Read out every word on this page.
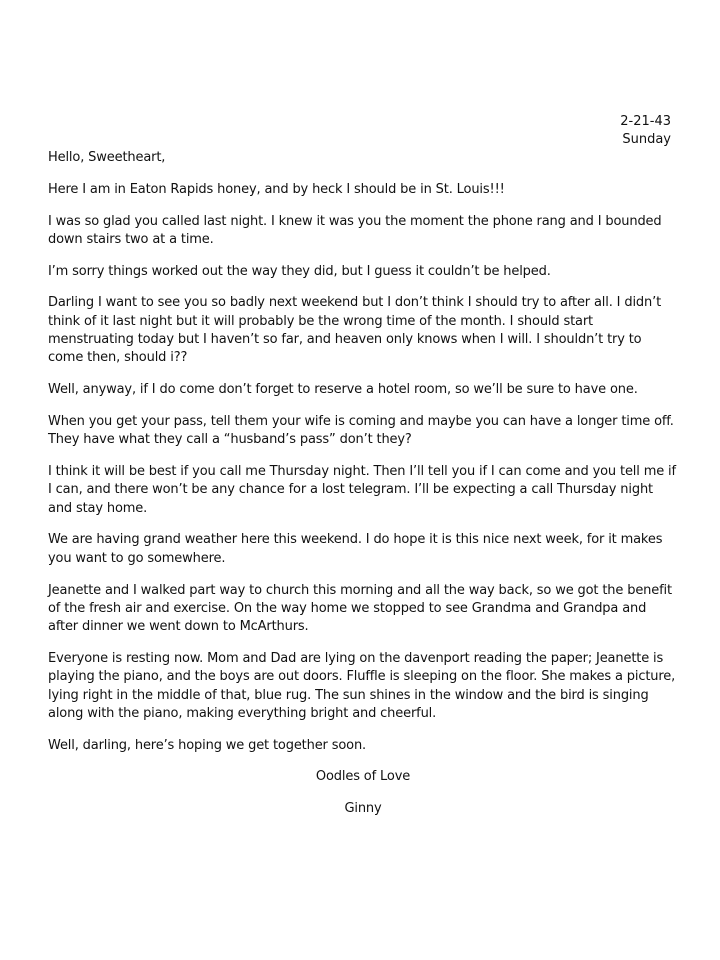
2-21-43
Sunday

Hello, Sweetheart,

Here I am in Eaton Rapids honey, and by heck I should be in St. Louis!!!

I was so glad you called last night. I knew it was you the moment the phone rang and I bounded down stairs two at a time.

I’m sorry things worked out the way they did, but I guess it couldn’t be helped.

Darling I want to see you so badly next weekend but I don’t think I should try to after all. I didn’t think of it last night but it will probably be the wrong time of the month. I should start menstruating today but I haven’t so far, and heaven only knows when I will. I shouldn’t try to come then, should i??

Well, anyway, if I do come don’t forget to reserve a hotel room, so we’ll be sure to have one.

When you get your pass, tell them your wife is coming and maybe you can have a longer time off. They have what they call a “husband’s pass” don’t they?

I think it will be best if you call me Thursday night. Then I’ll tell you if I can come and you tell me if I can, and there won’t be any chance for a lost telegram. I’ll be expecting a call Thursday night and stay home.

We are having grand weather here this weekend. I do hope it is this nice next week, for it makes you want to go somewhere.

Jeanette and I walked part way to church this morning and all the way back, so we got the benefit of the fresh air and exercise. On the way home we stopped to see Grandma and Grandpa and after dinner we went down to McArthurs.

Everyone is resting now. Mom and Dad are lying on the davenport reading the paper; Jeanette is playing the piano, and the boys are out doors. Fluffle is sleeping on the floor. She makes a picture, lying right in the middle of that, blue rug. The sun shines in the window and the bird is singing along with the piano, making everything bright and cheerful.

Well, darling, here’s hoping we get together soon.

Oodles of Love

Ginny
